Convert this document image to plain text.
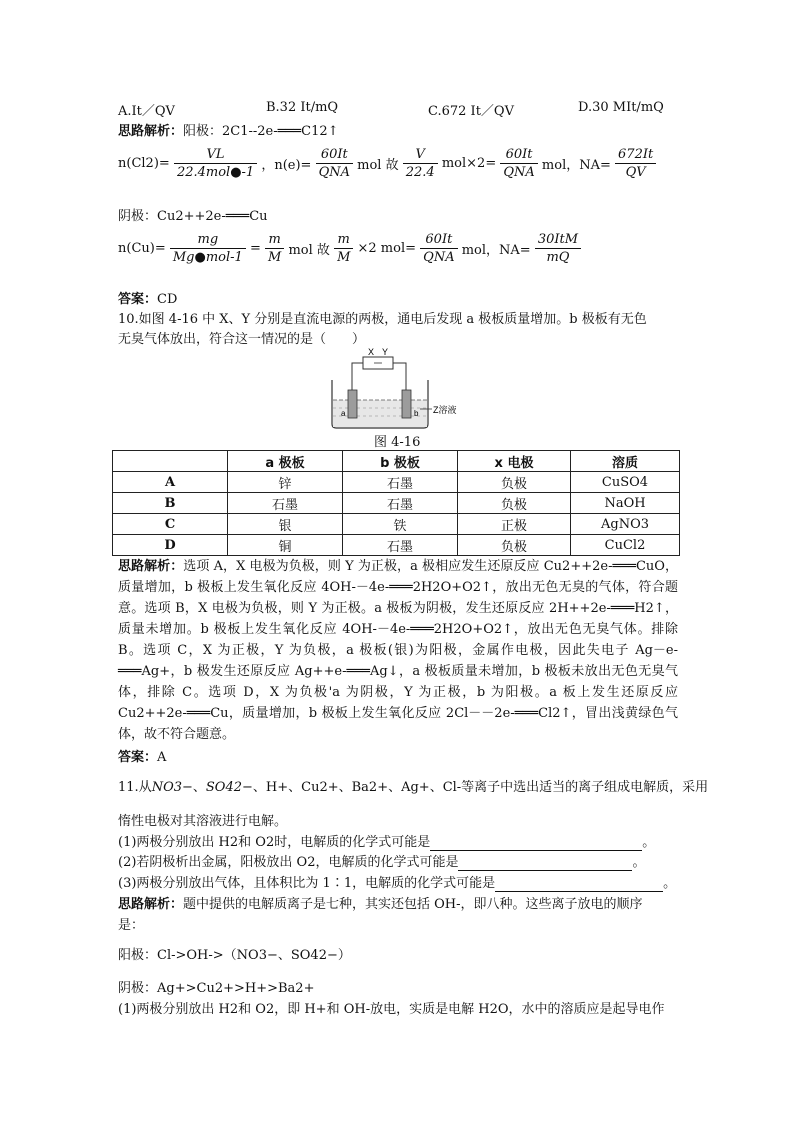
A.It／QV	B.32 It/mQ	C.672 It／QV	D.30 MIt/mQ
思路解析：阳极：2C1--2e-═══C12↑
$n(Cl2)= \frac{VL}{\text{22.4mol●-1}}$ ，$n(e)= \frac{60It}{\text{QNA}}$ mol 故 $\frac{V}{22.4} mol\times 2= \frac{60It}{\text{QNA}}$ mol，$NA= \frac{672It}{QV}$
阴极：Cu2++2e-═══Cu
$n(Cu)= \frac{mg}{\text{Mg●mol-1}} = \frac{m}{M}$ mol 故 $\frac{m}{M} \times 2$ $mol= \frac{60It}{\text{QNA}}$ mol，$NA= \frac{\text{30ItM}}{mQ}$
答案：CD
10.如图 4-16 中 X、Y 分别是直流电源的两极，通电后发现 a 极板质量增加。b 极板有无色
无臭气体放出，符合这一情况的是（　　）
X Y
a	b Z溶液
图 4-16
	a 极板	b 极板	x 电极	溶质
A	锌	石墨	负极	CuSO4
B	石墨	石墨	负极	NaOH
C	银	铁	正极	AgNO3
D	铜	石墨	负极	CuCl2
思路解析：选项 A，X 电极为负极，则 Y 为正极，a 极相应发生还原反应 Cu2++2e-═══CuO，质量增加，b 极板上发生氧化反应 4OH-－4e-═══2H2O+O2↑，放出无色无臭的气体，符合题意。选项 B，X 电极为负极，则 Y 为正极。a 极板为阴极，发生还原反应 2H++2e-═══H2↑，质量未增加。b 极板上发生氧化反应 4OH-－4e-═══2H2O+O2↑，放出无色无臭气体。排除 B。选项 C，X 为正极，Y 为负极，a 极板(银)为阳极，金属作电极，因此失电子 Ag－e-═══Ag+，b 极发生还原反应 Ag++e-═══Ag↓，a 极板质量未增加，b 极板未放出无色无臭气体，排除 C。选项 D，X 为负极'a 为阴极，Y 为正极，b 为阳极。a 板上发生还原反应 Cu2++2e-═══Cu，质量增加，b 极板上发生氧化反应 2Cl－－2e-═══Cl2↑，冒出浅黄绿色气体，故不符合题意。
答案：A
11.从NO3−、SO42−、H+、Cu2+、Ba2+、Ag+、Cl-等离子中选出适当的离子组成电解质，采用
惰性电极对其溶液进行电解。
(1)两极分别放出 H2和 O2时，电解质的化学式可能是	。
(2)若阴极析出金属，阳极放出 O2，电解质的化学式可能是	。
(3)两极分别放出气体，且体积比为 1∶1，电解质的化学式可能是	。
思路解析：题中提供的电解质离子是七种，其实还包括 OH-，即八种。这些离子放电的顺序
是：
阳极：Cl->OH->（NO3−、SO42−）
阴极：Ag+>Cu2+>H+>Ba2+
(1)两极分别放出 H2和 O2，即 H+和 OH-放电，实质是电解 H2O，水中的溶质应是起导电作
